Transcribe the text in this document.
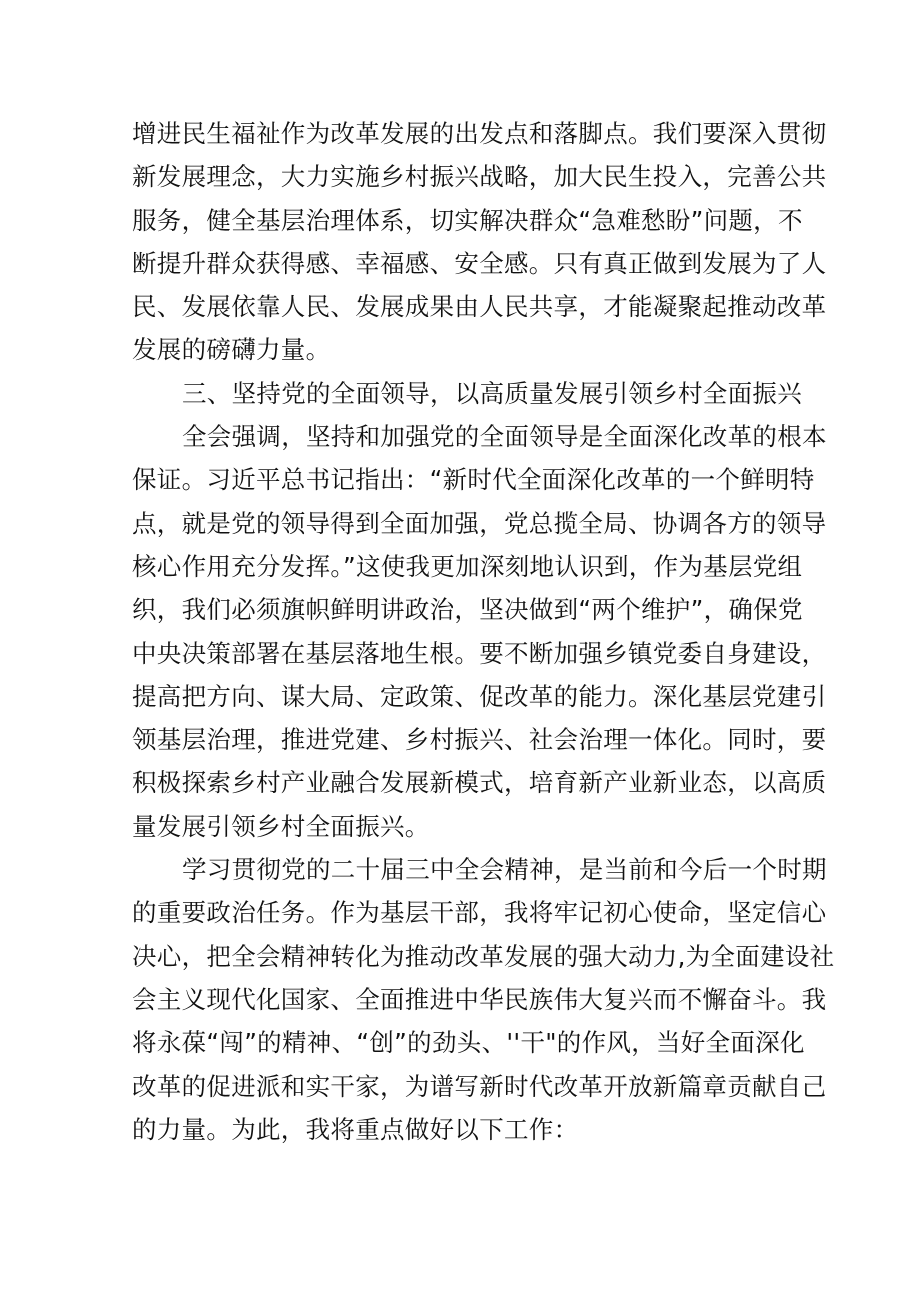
增进民生福祉作为改革发展的出发点和落脚点。我们要深入贯彻
新发展理念，大力实施乡村振兴战略，加大民生投入，完善公共
服务，健全基层治理体系，切实解决群众“急难愁盼”问题，不
断提升群众获得感、幸福感、安全感。只有真正做到发展为了人
民、发展依靠人民、发展成果由人民共享，才能凝聚起推动改革
发展的磅礴力量。
三、坚持党的全面领导，以高质量发展引领乡村全面振兴
全会强调，坚持和加强党的全面领导是全面深化改革的根本
保证。习近平总书记指出：“新时代全面深化改革的一个鲜明特
点，就是党的领导得到全面加强，党总揽全局、协调各方的领导
核心作用充分发挥。”这使我更加深刻地认识到，作为基层党组
织，我们必须旗帜鲜明讲政治，坚决做到“两个维护”，确保党
中央决策部署在基层落地生根。要不断加强乡镇党委自身建设，
提高把方向、谋大局、定政策、促改革的能力。深化基层党建引
领基层治理，推进党建、乡村振兴、社会治理一体化。同时，要
积极探索乡村产业融合发展新模式，培育新产业新业态，以高质
量发展引领乡村全面振兴。
学习贯彻党的二十届三中全会精神，是当前和今后一个时期
的重要政治任务。作为基层干部，我将牢记初心使命，坚定信心
决心，把全会精神转化为推动改革发展的强大动力,为全面建设社
会主义现代化国家、全面推进中华民族伟大复兴而不懈奋斗。我
将永葆“闯”的精神、“创”的劲头、''干"的作风，当好全面深化
改革的促进派和实干家，为谱写新时代改革开放新篇章贡献自己
的力量。为此，我将重点做好以下工作：
